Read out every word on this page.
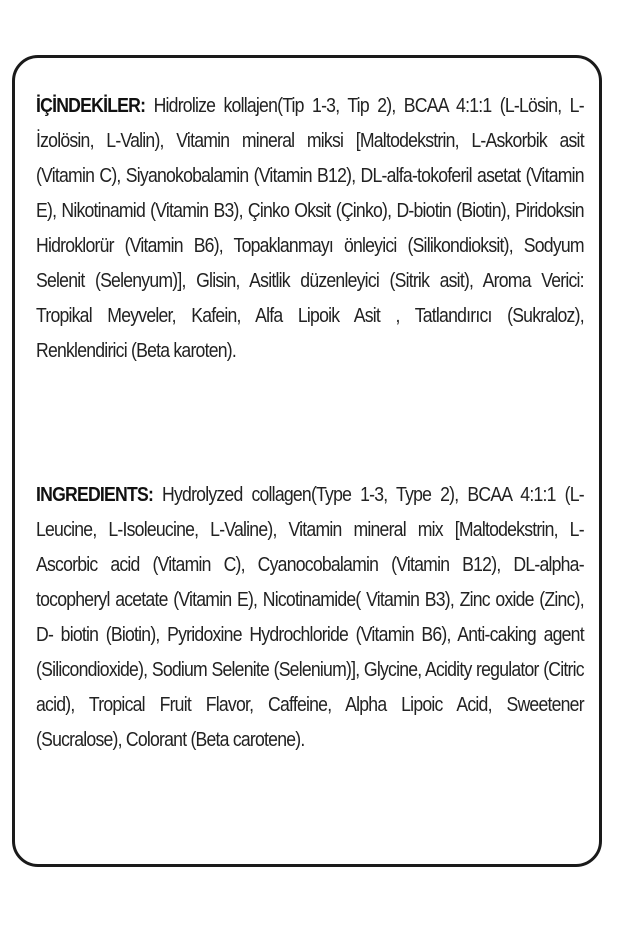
İÇİNDEKİLER: Hidrolize kollajen(Tip 1-3, Tip 2), BCAA 4:1:1 (L-Lösin, L-İzolösin, L-Valin), Vitamin mineral miksi [Maltodekstrin, L-Askorbik asit (Vitamin C), Siyanokobalamin (Vitamin B12), DL-alfa-tokoferil asetat (Vitamin E), Nikotinamid (Vitamin B3), Çinko Oksit (Çinko), D-biotin (Biotin), Piridoksin Hidroklorür (Vitamin B6), Topaklanmayı önleyici (Silikondioksit), Sodyum Selenit (Selenyum)], Glisin, Asitlik düzenleyici (Sitrik asit), Aroma Verici: Tropikal Meyveler, Kafein, Alfa Lipoik Asit , Tatlandırıcı (Sukraloz), Renklendirici (Beta karoten).
INGREDIENTS: Hydrolyzed collagen(Type 1-3, Type 2), BCAA 4:1:1 (L-Leucine, L-Isoleucine, L-Valine), Vitamin mineral mix [Maltodekstrin, L-Ascorbic acid (Vitamin C), Cyanocobalamin (Vitamin B12), DL-alpha-tocopheryl acetate (Vitamin E), Nicotinamide( Vitamin B3), Zinc oxide (Zinc), D- biotin (Biotin), Pyridoxine Hydrochloride (Vitamin B6), Anti-caking agent (Silicondioxide), Sodium Selenite (Selenium)], Glycine, Acidity regulator (Citric acid), Tropical Fruit Flavor, Caffeine, Alpha Lipoic Acid, Sweetener (Sucralose), Colorant (Beta carotene).
